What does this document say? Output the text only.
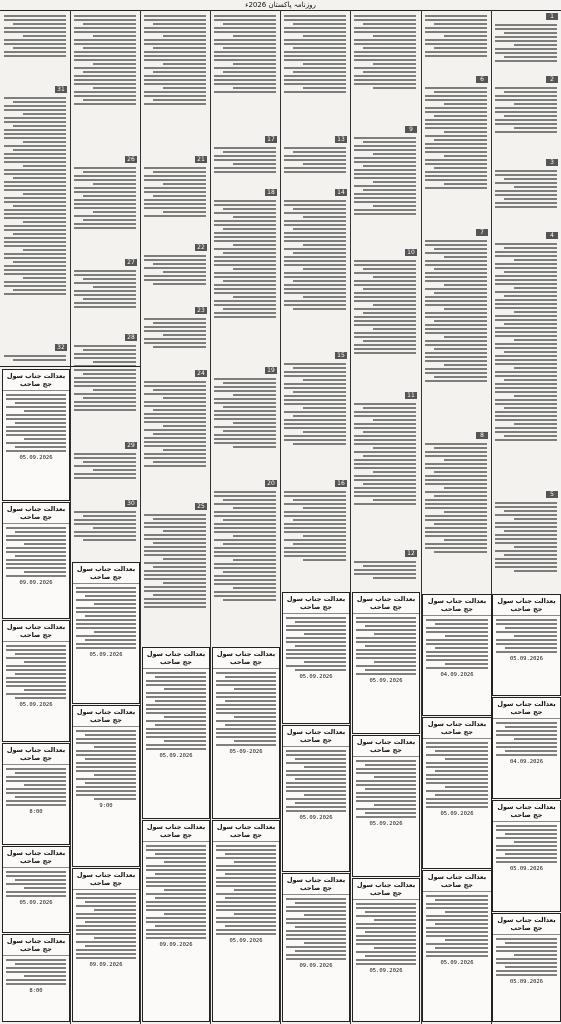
روزنامہ پاکستان 2026ء
1
2
3
4
5
6
7
8
9
10
11
12
13
14
15
16
17
18
19
20
21
22
23
24
25
26
27
28
29
30
31
32
بعدالت جناب سول جج صاحب
05.09.2026
بعدالت جناب سول جج صاحب
09.09.2026
بعدالت جناب سول جج صاحب
05.09.2026
بعدالت جناب سول جج صاحب
8:00
بعدالت جناب سول جج صاحب
05.09.2026
بعدالت جناب سول جج صاحب
8:00
بعدالت جناب سول جج صاحب
05.09.2026
بعدالت جناب سول جج صاحب
9:00
بعدالت جناب سول جج صاحب
09.09.2026
بعدالت جناب سول جج صاحب
05.09.2026
بعدالت جناب سول جج صاحب
09.09.2026
بعدالت جناب سول جج صاحب
05-09-2026
بعدالت جناب سول جج صاحب
05.09.2026
بعدالت جناب سول جج صاحب
05.09.2026
بعدالت جناب سول جج صاحب
05.09.2026
بعدالت جناب سول جج صاحب
09.09.2026
بعدالت جناب سول جج صاحب
05.09.2026
بعدالت جناب سول جج صاحب
05.09.2026
بعدالت جناب سول جج صاحب
05.09.2026
بعدالت جناب سول جج صاحب
04.09.2026
بعدالت جناب سول جج صاحب
05.09.2026
بعدالت جناب سول جج صاحب
05.09.2026
بعدالت جناب سول جج صاحب
05.09.2026
بعدالت جناب سول جج صاحب
04.09.2026
بعدالت جناب سول جج صاحب
05.09.2026
بعدالت جناب سول جج صاحب
05.09.2026
